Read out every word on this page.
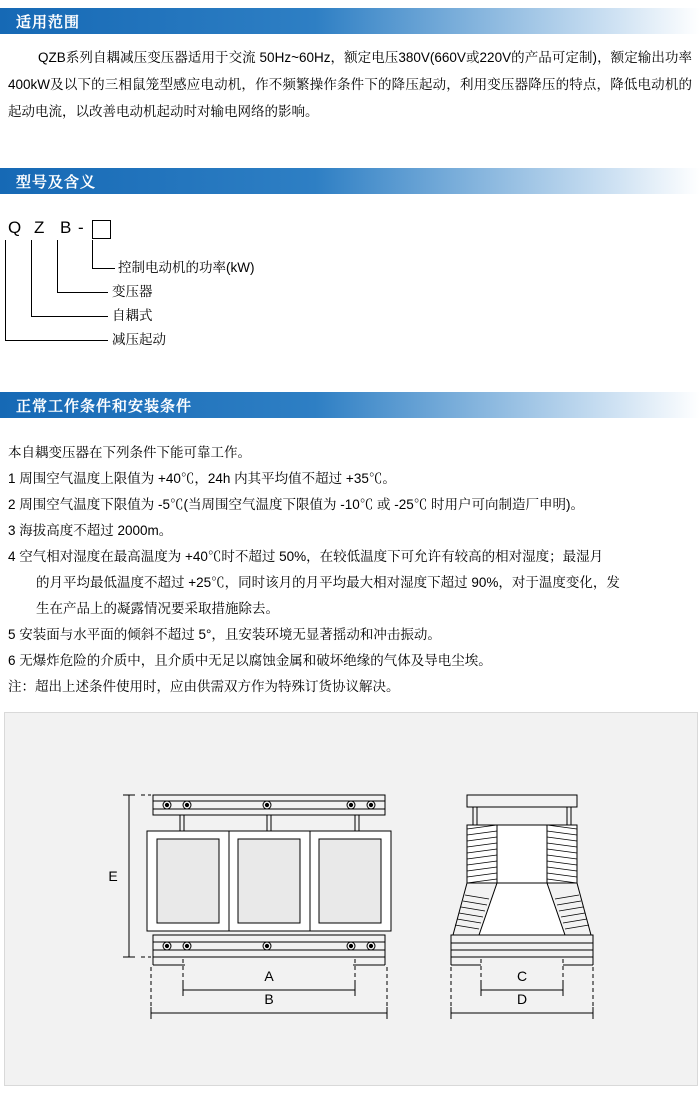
适用范围
QZB系列自耦减压变压器适用于交流 50Hz~60Hz，额定电压380V(660V或220V的产品可定制)，额定输出功率400kW及以下的三相鼠笼型感应电动机，作不频繁操作条件下的降压起动，利用变压器降压的特点，降低电动机的起动电流，以改善电动机起动时对输电网络的影响。
型号及含义
Q Z B -
控制电动机的功率(kW)
变压器
自耦式
减压起动
正常工作条件和安装条件
本自耦变压器在下列条件下能可靠工作。
1 周围空气温度上限值为 +40℃，24h 内其平均值不超过 +35℃。
2 周围空气温度下限值为 -5℃(当周围空气温度下限值为 -10℃ 或 -25℃ 时用户可向制造厂申明)。
3 海拔高度不超过 2000m。
4 空气相对湿度在最高温度为 +40℃时不超过 50%，在较低温度下可允许有较高的相对湿度；最湿月
的月平均最低温度不超过 +25℃，同时该月的月平均最大相对湿度下超过 90%，对于温度变化，发
生在产品上的凝露情况要采取措施除去。
5 安装面与水平面的倾斜不超过 5°，且安装环境无显著摇动和冲击振动。
6 无爆炸危险的介质中，且介质中无足以腐蚀金属和破坏绝缘的气体及导电尘埃。
注：超出上述条件使用时，应由供需双方作为特殊订货协议解决。
E
A
B
C
D
